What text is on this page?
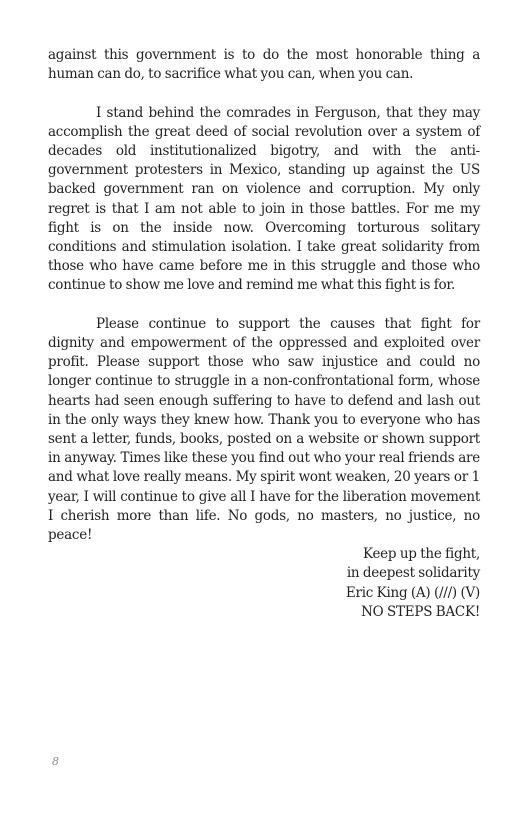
against this government is to do the most honorable thing a human can do, to sacrifice what you can, when you can.

I stand behind the comrades in Ferguson, that they may accomplish the great deed of social revolution over a system of decades old institutionalized bigotry, and with the anti-government protesters in Mexico, standing up against the US backed government ran on violence and corruption. My only regret is that I am not able to join in those battles. For me my fight is on the inside now. Overcoming torturous solitary conditions and stimulation isolation. I take great solidarity from those who have came before me in this struggle and those who continue to show me love and remind me what this fight is for.

Please continue to support the causes that fight for dignity and empowerment of the oppressed and exploited over profit. Please support those who saw injustice and could no longer continue to struggle in a non-confrontational form, whose hearts had seen enough suffering to have to defend and lash out in the only ways they knew how. Thank you to everyone who has sent a letter, funds, books, posted on a website or shown support in anyway. Times like these you find out who your real friends are and what love really means. My spirit wont weaken, 20 years or 1 year, I will continue to give all I have for the liberation movement I cherish more than life. No gods, no masters, no justice, no peace!

Keep up the fight,
in deepest solidarity
Eric King (A) (///) (V)
NO STEPS BACK!
8
